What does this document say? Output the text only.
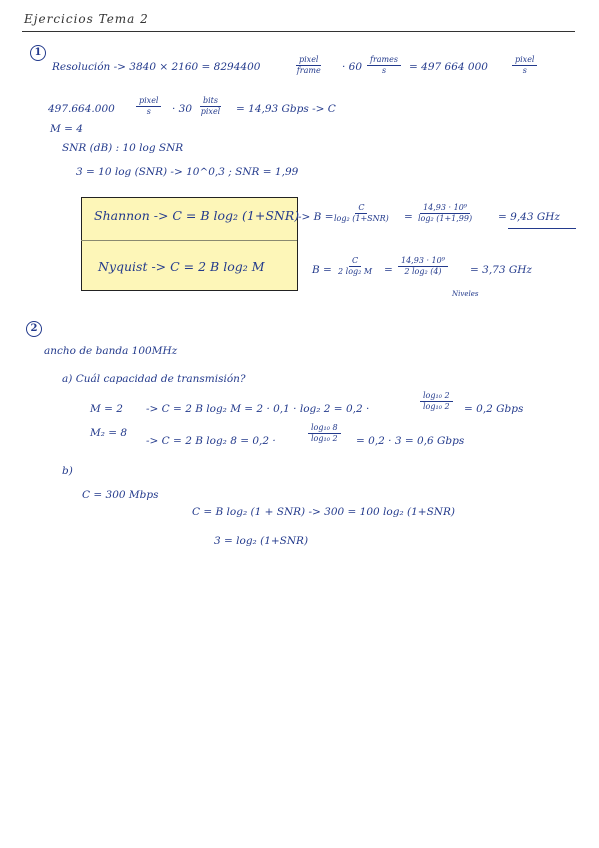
Ejercicios Tema 2
1
Resolución -> 3840 × 2160 = 8294400
pixel
frame · 60
frames
s = 497 664 000
pixel
s
497.664.000
pixel
s · 30
bits
pixel = 14,93 Gbps -> C
M = 4
SNR (dB) : 10 log SNR
3 = 10 log (SNR) -> 10^0,3 ; SNR = 1,99
Shannon -> C = B log₂ (1+SNR)
Nyquist -> C = 2 B log₂ M
-> B =
C
log₂ $(1+SNR) = \frac{\text{14,93 · 10⁹}}{\text{log₂ (1+1,99)}} = 9,43$ GHz
$B = \frac{C}{\text{2 log₂ M}} = \frac{\text{14,93 · 10⁹}}{\text{2 log₂ (4)}} = 3,73$ GHz
Niveles
2
ancho de banda 100MHz
a) Cuál capacidad de transmisión?
M = 2 -> C = 2 B log₂ M = 2 · 0,1 · log₂ 2 = 0,2 ·	$\frac{\text{log₁₀ 2}}{\text{log₁₀ 2}} = 0,2$ Gbps
M₂ = 8
-> C = 2 B log₂ 8 = 0,2 ·	$\frac{\text{log₁₀ 8}}{\text{log₁₀ 2}} = 0,2 \cdot 3 = 0,6$ Gbps
b)
C = 300 Mbps
C = B log₂ (1 + SNR) -> 300 = 100 log₂ (1+SNR)
3 = log₂ (1+SNR)
